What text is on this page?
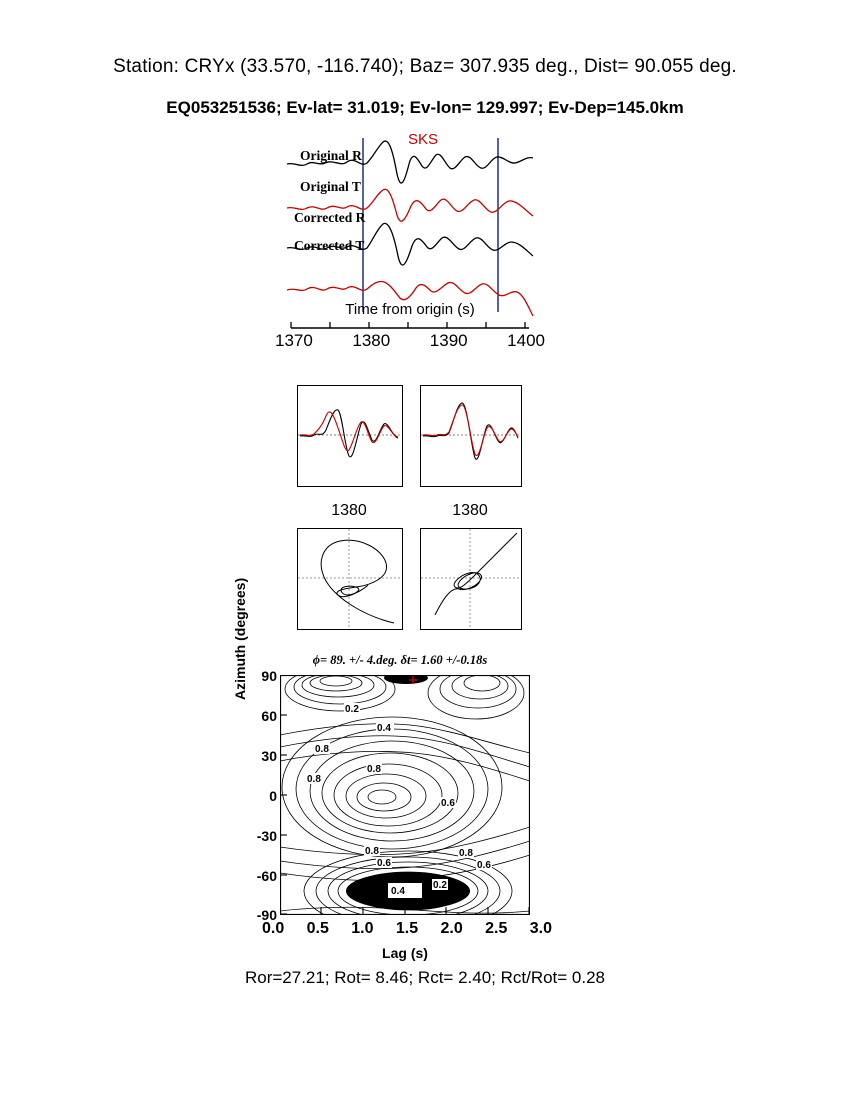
Station: CRYx (33.570, -116.740); Baz= 307.935 deg., Dist= 90.055 deg.
EQ053251536; Ev-lat= 31.019; Ev-lon= 129.997; Ev-Dep=145.0km
Original R
Original T
Corrected R
Corrected T
SKS
Time from origin (s)
1370 1380 1390 1400
1380	1380
ϕ= 89. +/- 4.deg. δt= 1.60 +/-0.18s
Azimuth (degrees) 90
60
30
0
-30
-60
-90
0.2
0.4
0.8
0.8
0.8
0.6
0.8
0.6
0.8
0.6
0.4
0.2
0.0 0.5 1.0 1.5 2.0 2.5 3.0
Lag (s)
Ror=27.21; Rot= 8.46; Rct= 2.40; Rct/Rot= 0.28
